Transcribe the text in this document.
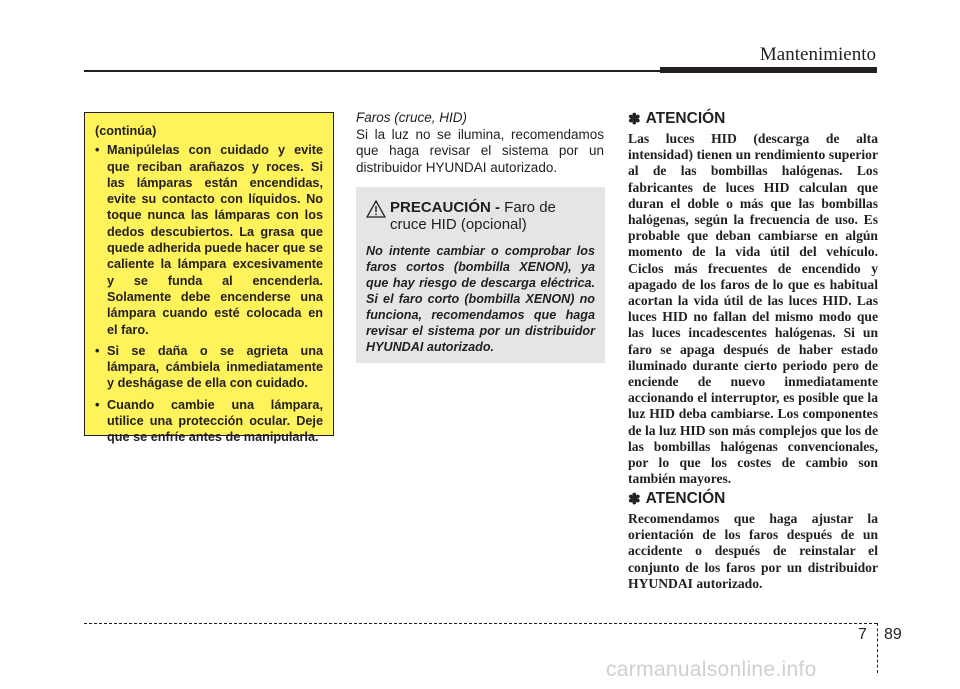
Mantenimiento
(continúa)
• Manipúlelas con cuidado y evite que reciban arañazos y roces. Si las lámparas están encendidas, evite su contacto con líquidos. No toque nunca las lámparas con los dedos descubiertos. La grasa que quede adherida puede hacer que se caliente la lámpara excesivamente y se funda al encenderla. Solamente debe encenderse una lámpara cuando esté colocada en el faro.
• Si se daña o se agrieta una lámpara, cámbiela inmediatamente y deshágase de ella con cuidado.
• Cuando cambie una lámpara, utilice una protección ocular. Deje que se enfríe antes de manipularla.
Faros (cruce, HID)
Si la luz no se ilumina, recomendamos que haga revisar el sistema por un distribuidor HYUNDAI autorizado.
PRECAUCIÓN - Faro de cruce HID (opcional)
No intente cambiar o comprobar los faros cortos (bombilla XENON), ya que hay riesgo de descarga eléctrica. Si el faro corto (bombilla XENON) no funciona, recomendamos que haga revisar el sistema por un distribuidor HYUNDAI autorizado.
✽ ATENCIÓN
Las luces HID (descarga de alta intensidad) tienen un rendimiento superior al de las bombillas halógenas. Los fabricantes de luces HID calculan que duran el doble o más que las bombillas halógenas, según la frecuencia de uso. Es probable que deban cambiarse en algún momento de la vida útil del vehículo. Ciclos más frecuentes de encendido y apagado de los faros de lo que es habitual acortan la vida útil de las luces HID. Las luces HID no fallan del mismo modo que las luces incadescentes halógenas. Si un faro se apaga después de haber estado iluminado durante cierto periodo pero de enciende de nuevo inmediatamente accionando el interruptor, es posible que la luz HID deba cambiarse. Los componentes de la luz HID son más complejos que los de las bombillas halógenas convencionales, por lo que los costes de cambio son también mayores.
✽ ATENCIÓN
Recomendamos que haga ajustar la orientación de los faros después de un accidente o después de reinstalar el conjunto de los faros por un distribuidor HYUNDAI autorizado.
7 89
carmanualsonline.info
